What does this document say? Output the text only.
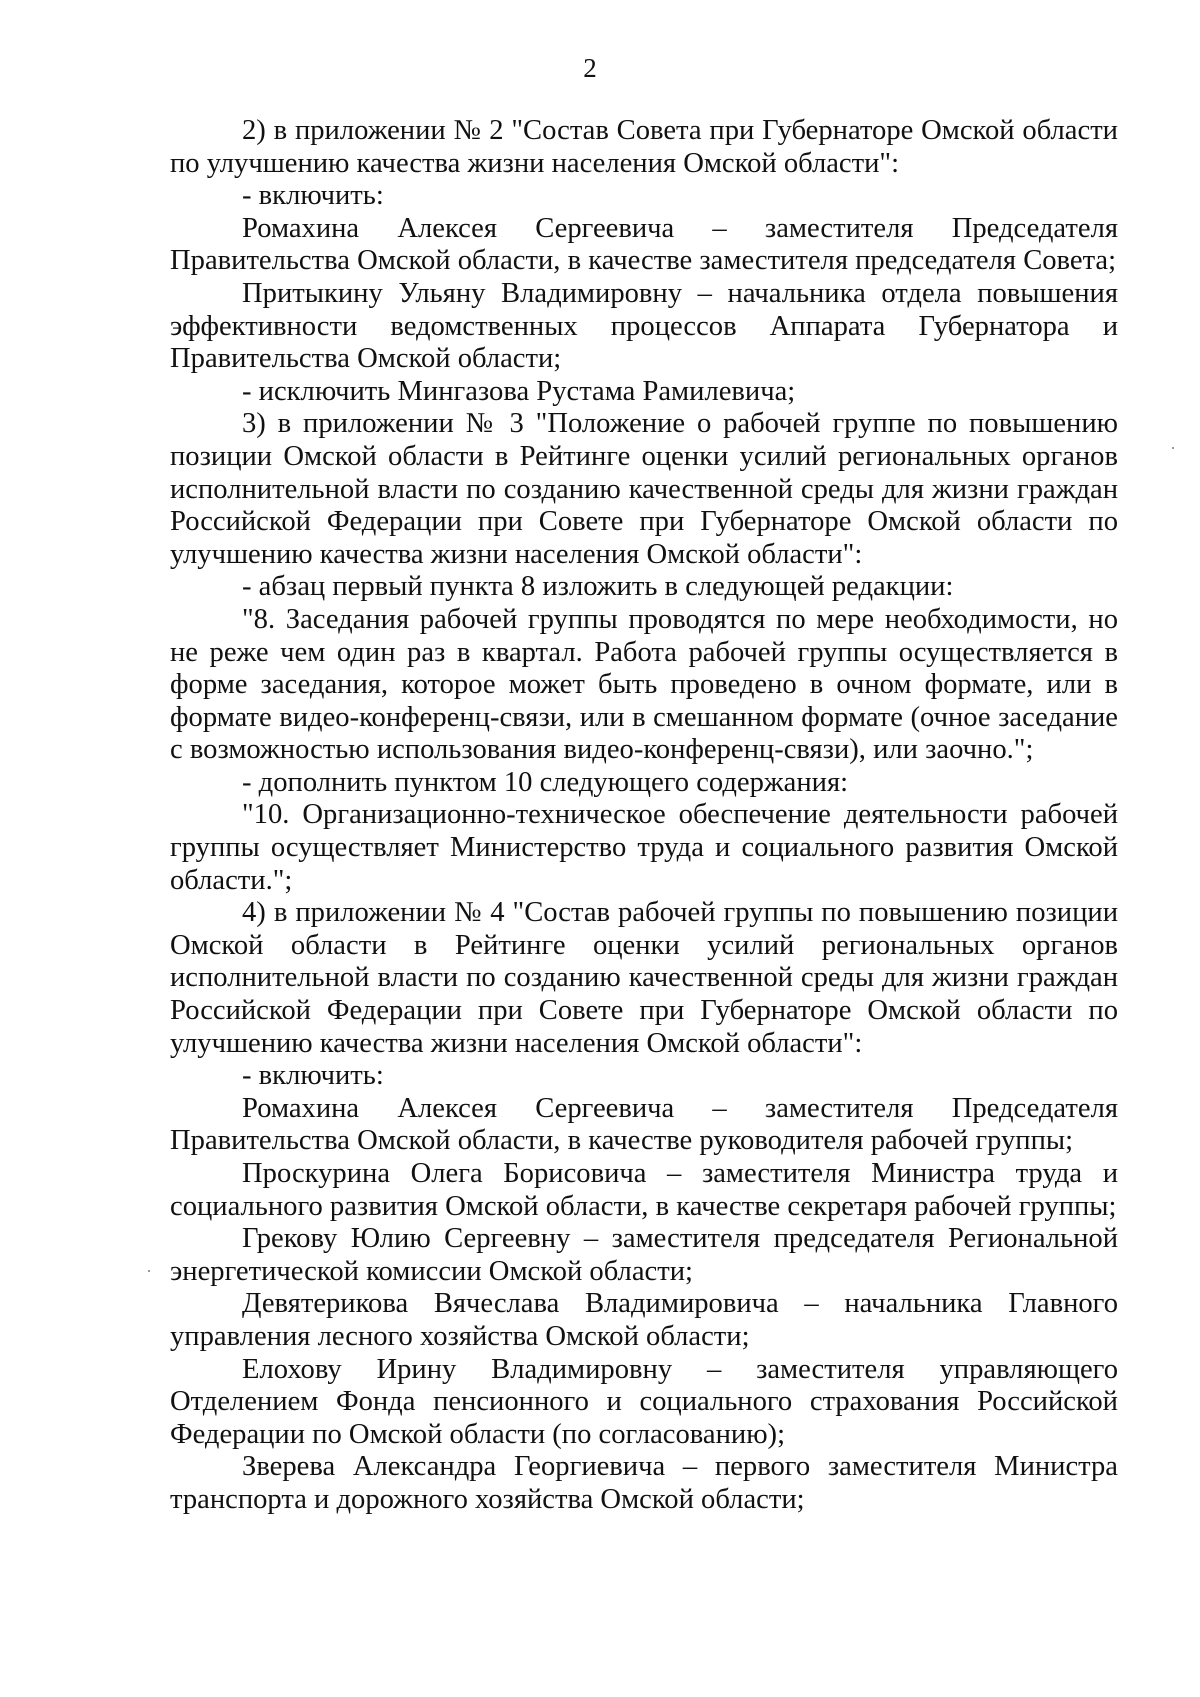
2

2) в приложении № 2 "Состав Совета при Губернаторе Омской области по улучшению качества жизни населения Омской области":

- включить:

Ромахина Алексея Сергеевича – заместителя Председателя Правительства Омской области, в качестве заместителя председателя Совета;

Притыкину Ульяну Владимировну – начальника отдела повышения эффективности ведомственных процессов Аппарата Губернатора и Правительства Омской области;

- исключить Мингазова Рустама Рамилевича;

3) в приложении № 3 "Положение о рабочей группе по повышению позиции Омской области в Рейтинге оценки усилий региональных органов исполнительной власти по созданию качественной среды для жизни граждан Российской Федерации при Совете при Губернаторе Омской области по улучшению качества жизни населения Омской области":

- абзац первый пункта 8 изложить в следующей редакции:

"8. Заседания рабочей группы проводятся по мере необходимости, но не реже чем один раз в квартал. Работа рабочей группы осуществляется в форме заседания, которое может быть проведено в очном формате, или в формате видео-конференц-связи, или в смешанном формате (очное заседание с возможностью использования видео-конференц-связи), или заочно.";

- дополнить пунктом 10 следующего содержания:

"10. Организационно-техническое обеспечение деятельности рабочей группы осуществляет Министерство труда и социального развития Омской области.";

4) в приложении № 4 "Состав рабочей группы по повышению позиции Омской области в Рейтинге оценки усилий региональных органов исполнительной власти по созданию качественной среды для жизни граждан Российской Федерации при Совете при Губернаторе Омской области по улучшению качества жизни населения Омской области":

- включить:

Ромахина Алексея Сергеевича – заместителя Председателя Правительства Омской области, в качестве руководителя рабочей группы;

Проскурина Олега Борисовича – заместителя Министра труда и социального развития Омской области, в качестве секретаря рабочей группы;

Грекову Юлию Сергеевну – заместителя председателя Региональной энергетической комиссии Омской области;

Девятерикова Вячеслава Владимировича – начальника Главного управления лесного хозяйства Омской области;

Елохову Ирину Владимировну – заместителя управляющего Отделением Фонда пенсионного и социального страхования Российской Федерации по Омской области (по согласованию);

Зверева Александра Георгиевича – первого заместителя Министра транспорта и дорожного хозяйства Омской области;
